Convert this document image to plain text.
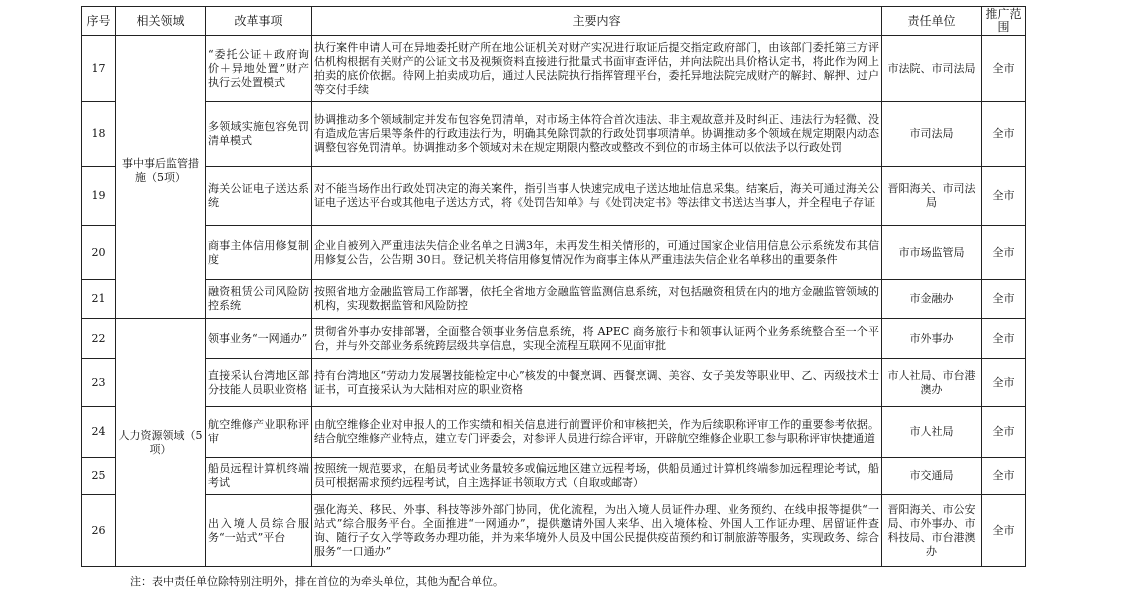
序号	相关领域	改革事项	主要内容	责任单位	推广范围
17		“委托公证＋政府询价＋异地处置”财产执行云处置模式	执行案件申请人可在异地委托财产所在地公证机关对财产实况进行取证后提交指定政府部门，由该部门委托第三方评估机构根据有关财产的公证文书及视频资料直接进行批量式书面审查评估，并向法院出具价格认定书，将此作为网上拍卖的底价依据。待网上拍卖成功后，通过人民法院执行指挥管理平台，委托异地法院完成财产的解封、解押、过户等交付手续	市法院、市司法局	全市
18	事中事后监管措施（5项）	多领域实施包容免罚清单模式	协调推动多个领域制定并发布包容免罚清单，对市场主体符合首次违法、非主观故意并及时纠正、违法行为轻微、没有造成危害后果等条件的行政违法行为，明确其免除罚款的行政处罚事项清单。协调推动多个领域在规定期限内动态调整包容免罚清单。协调推动多个领域对未在规定期限内整改或整改不到位的市场主体可以依法予以行政处罚	市司法局	全市
19		海关公证电子送达系统	对不能当场作出行政处罚决定的海关案件，指引当事人快速完成电子送达地址信息采集。结案后，海关可通过海关公证电子送达平台或其他电子送达方式，将《处罚告知单》与《处罚决定书》等法律文书送达当事人，并全程电子存证	晋阳海关、市司法局	全市
20		商事主体信用修复制度	企业自被列入严重违法失信企业名单之日满3年，未再发生相关情形的，可通过国家企业信用信息公示系统发布其信用修复公告，公告期 30日。登记机关将信用修复情况作为商事主体从严重违法失信企业名单移出的重要条件	市市场监管局	全市
21		融资租赁公司风险防控系统	按照省地方金融监管局工作部署，依托全省地方金融监管监测信息系统，对包括融资租赁在内的地方金融监管领域的机构，实现数据监管和风险防控	市金融办	全市
22	人力资源领域（5项）	领事业务“一网通办”	贯彻省外事办安排部署，全面整合领事业务信息系统，将 APEC 商务旅行卡和领事认证两个业务系统整合至一个平台，并与外交部业务系统跨层级共享信息，实现全流程互联网不见面审批	市外事办	全市
23		直接采认台湾地区部分技能人员职业资格	持有台湾地区“劳动力发展署技能检定中心”核发的中餐烹调、西餐烹调、美容、女子美发等职业甲、乙、丙级技术士证书，可直接采认为大陆相对应的职业资格	市人社局、市台港澳办	全市
24		航空维修产业职称评审	由航空维修企业对申报人的工作实绩和相关信息进行前置评价和审核把关，作为后续职称评审工作的重要参考依据。结合航空维修产业特点，建立专门评委会，对参评人员进行综合评审，开辟航空维修企业职工参与职称评审快捷通道	市人社局	全市
25		船员远程计算机终端考试	按照统一规范要求，在船员考试业务量较多或偏远地区建立远程考场，供船员通过计算机终端参加远程理论考试，船员可根据需求预约远程考试，自主选择证书领取方式（自取或邮寄）	市交通局	全市
26		出入境人员综合服务“一站式”平台	强化海关、移民、外事、科技等涉外部门协同，优化流程，为出入境人员证件办理、业务预约、在线申报等提供“一站式”综合服务平台。全面推进“一网通办”，提供邀请外国人来华、出入境体检、外国人工作证办理、居留证件查询、随行子女入学等政务办理功能，并为来华境外人员及中国公民提供疫苗预约和订制旅游等服务，实现政务、综合服务“一口通办”	晋阳海关、市公安局、市外事办、市科技局、市台港澳办	全市
注：表中责任单位除特别注明外，排在首位的为牵头单位，其他为配合单位。
